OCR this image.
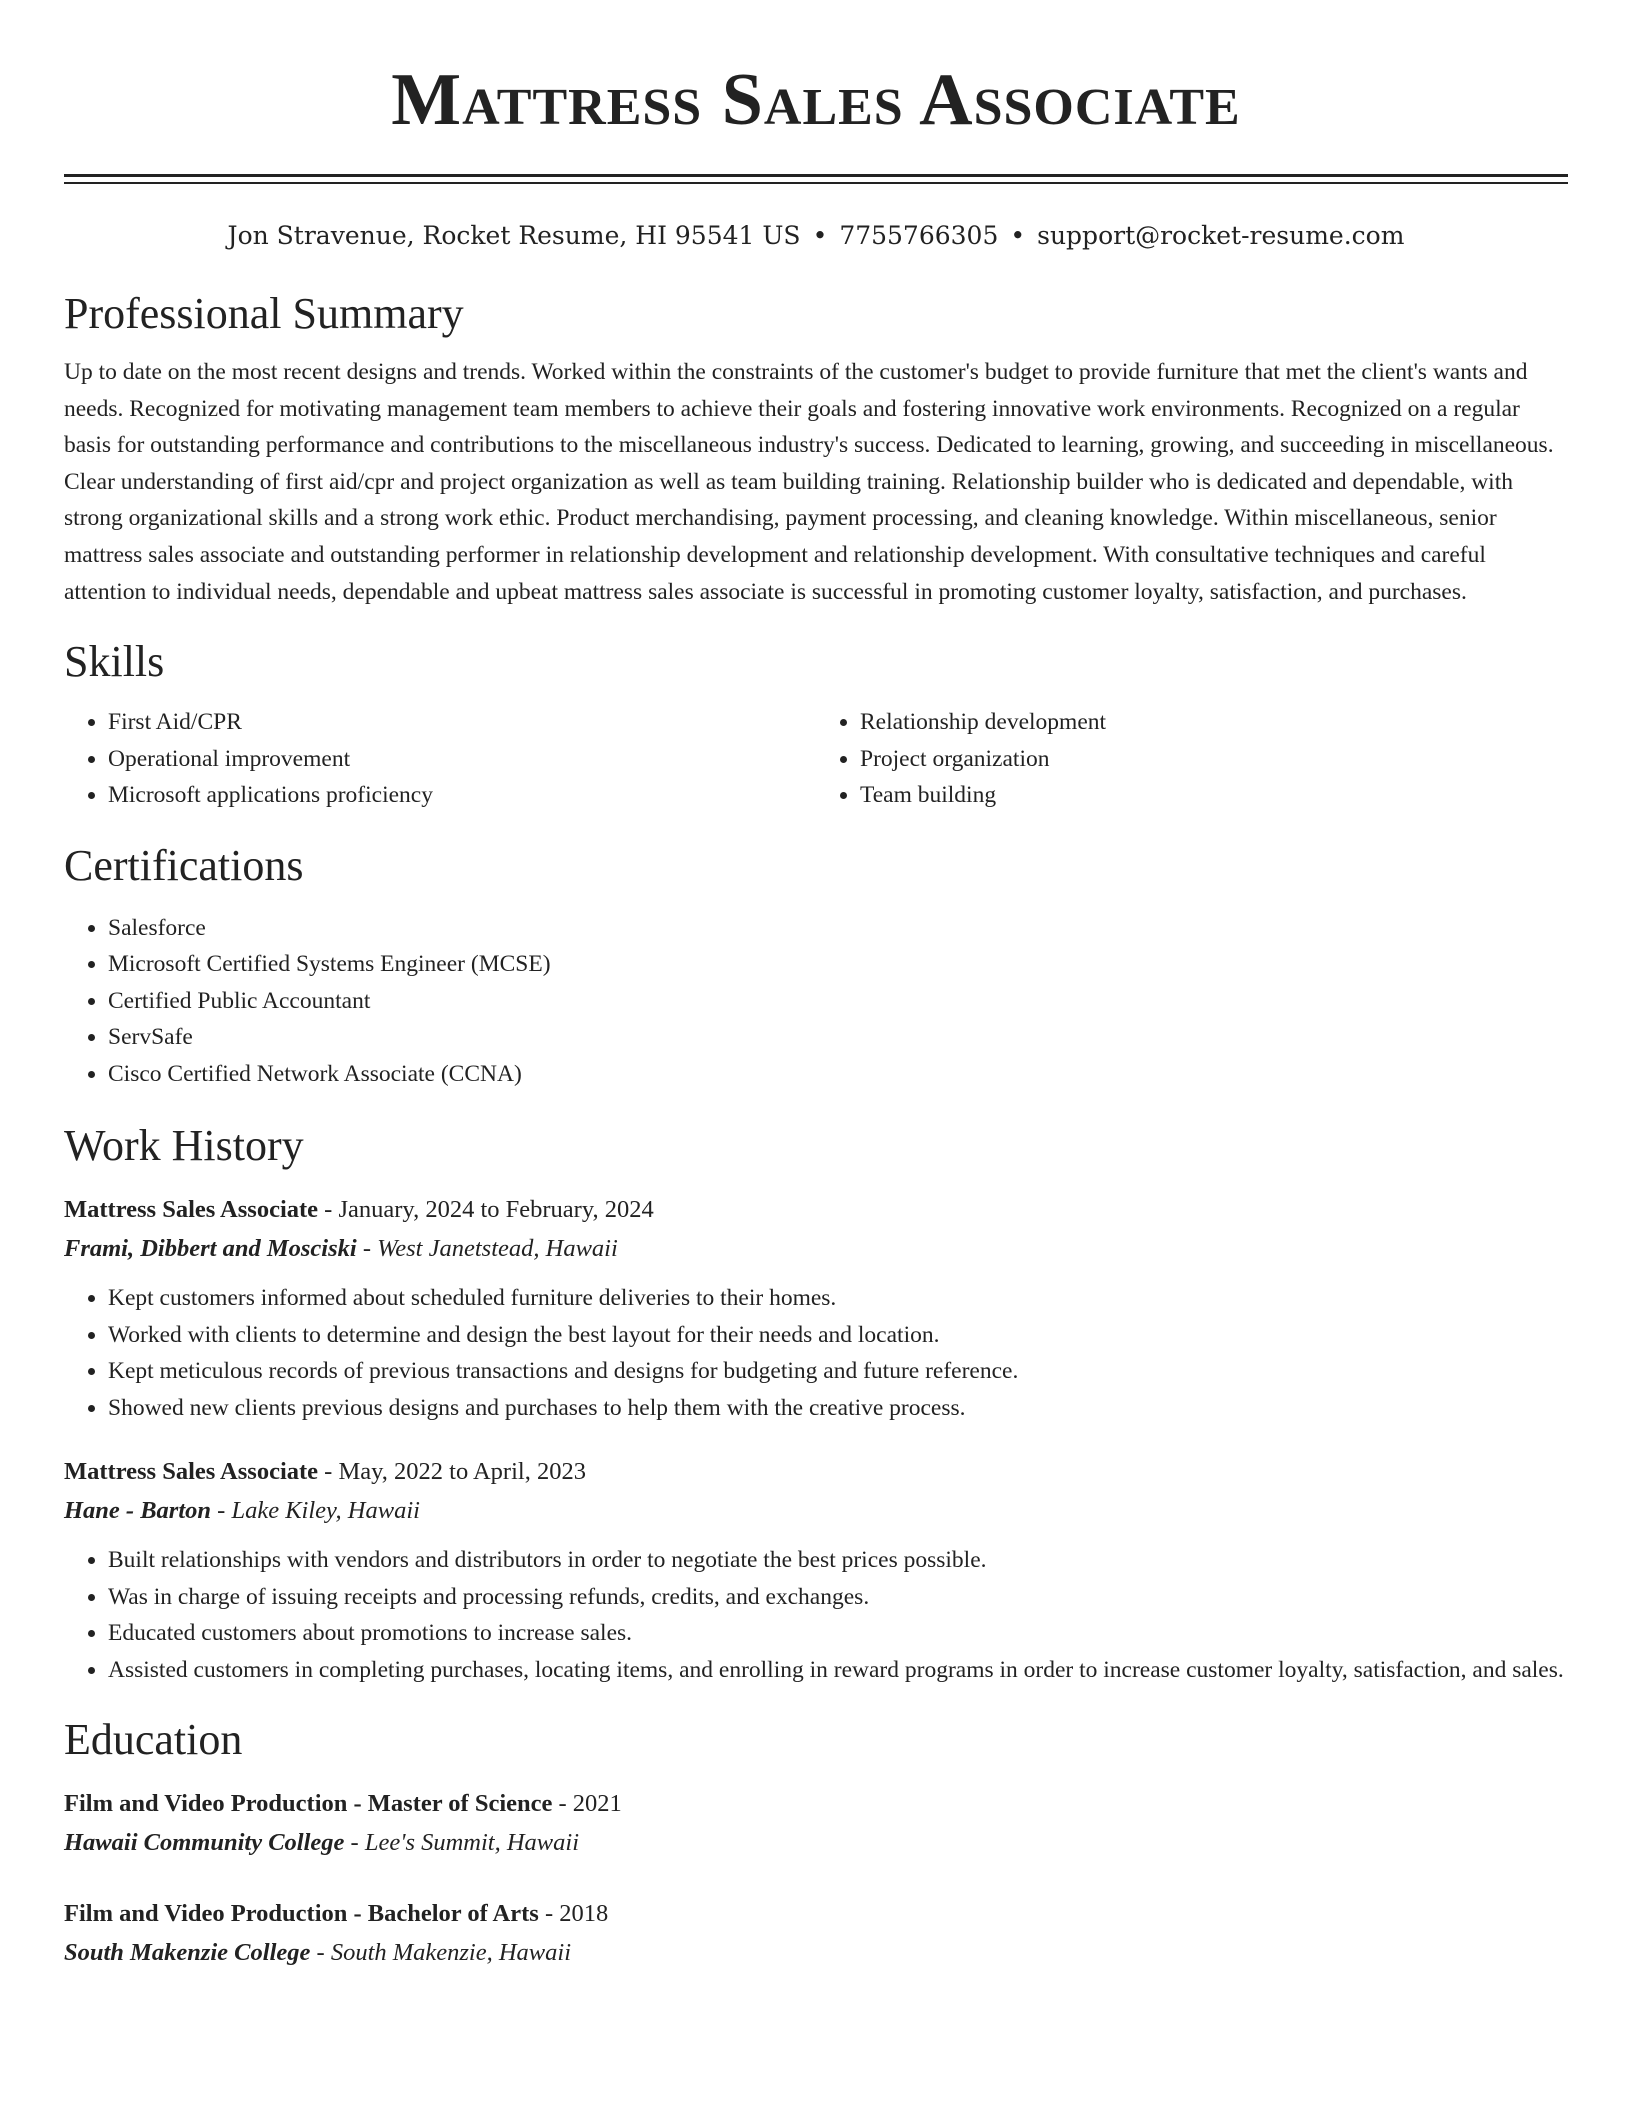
Mattress Sales Associate
Jon Stravenue, Rocket Resume, HI 95541 US • 7755766305 • support@rocket-resume.com
Professional Summary
Up to date on the most recent designs and trends. Worked within the constraints of the customer's budget to provide furniture that met the client's wants and needs. Recognized for motivating management team members to achieve their goals and fostering innovative work environments. Recognized on a regular basis for outstanding performance and contributions to the miscellaneous industry's success. Dedicated to learning, growing, and succeeding in miscellaneous. Clear understanding of first aid/cpr and project organization as well as team building training. Relationship builder who is dedicated and dependable, with strong organizational skills and a strong work ethic. Product merchandising, payment processing, and cleaning knowledge. Within miscellaneous, senior mattress sales associate and outstanding performer in relationship development and relationship development. With consultative techniques and careful attention to individual needs, dependable and upbeat mattress sales associate is successful in promoting customer loyalty, satisfaction, and purchases.
Skills
• First Aid/CPR
• Operational improvement
• Microsoft applications proficiency
• Relationship development
• Project organization
• Team building
Certifications
• Salesforce
• Microsoft Certified Systems Engineer (MCSE)
• Certified Public Accountant
• ServSafe
• Cisco Certified Network Associate (CCNA)
Work History
Mattress Sales Associate - January, 2024 to February, 2024
Frami, Dibbert and Mosciski - West Janetstead, Hawaii
• Kept customers informed about scheduled furniture deliveries to their homes.
• Worked with clients to determine and design the best layout for their needs and location.
• Kept meticulous records of previous transactions and designs for budgeting and future reference.
• Showed new clients previous designs and purchases to help them with the creative process.
Mattress Sales Associate - May, 2022 to April, 2023
Hane - Barton - Lake Kiley, Hawaii
• Built relationships with vendors and distributors in order to negotiate the best prices possible.
• Was in charge of issuing receipts and processing refunds, credits, and exchanges.
• Educated customers about promotions to increase sales.
• Assisted customers in completing purchases, locating items, and enrolling in reward programs in order to increase customer loyalty, satisfaction, and sales.
Education
Film and Video Production - Master of Science - 2021
Hawaii Community College - Lee's Summit, Hawaii
Film and Video Production - Bachelor of Arts - 2018
South Makenzie College - South Makenzie, Hawaii
